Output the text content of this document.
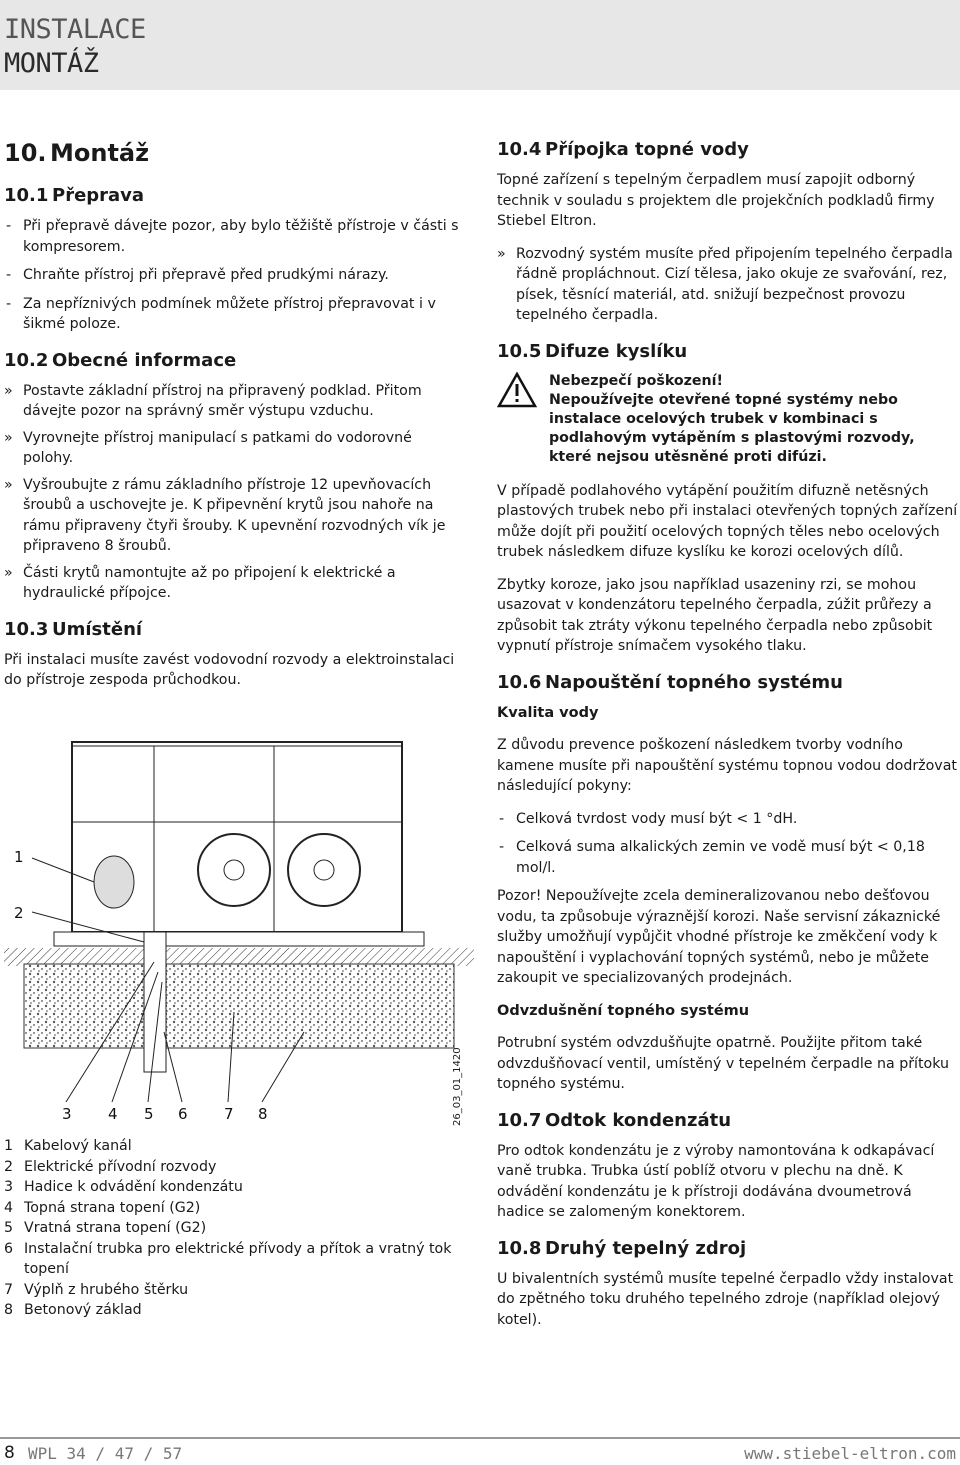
INSTALACE
MONTÁŽ
10. Montáž
10.1 Přeprava
- Při přepravě dávejte pozor, aby bylo těžiště přístroje v části s kompresorem.
- Chraňte přístroj při přepravě před prudkými nárazy.
- Za nepříznivých podmínek můžete přístroj přepravovat i v šikmé poloze.
10.2 Obecné informace
» Postavte základní přístroj na připravený podklad. Přitom dávejte pozor na správný směr výstupu vzduchu.
» Vyrovnejte přístroj manipulací s patkami do vodorovné polohy.
» Vyšroubujte z rámu základního přístroje 12 upevňovacích šroubů a uschovejte je. K připevnění krytů jsou nahoře na rámu připraveny čtyři šrouby. K upevnění rozvodných vík je připraveno 8 šroubů.
» Části krytů namontujte až po připojení k elektrické a hydraulické přípojce.
10.3 Umístění

Při instalaci musíte zavést vodovodní rozvody a elektroinstalaci do přístroje zespoda průchodkou.

1
2
3 4 5 6 7 8	26_03_01_1420
1 Kabelový kanál
2 Elektrické přívodní rozvody
3 Hadice k odvádění kondenzátu
4 Topná strana topení (G2)
5 Vratná strana topení (G2)
6 Instalační trubka pro elektrické přívody a přítok a vratný tok topení
7 Výplň z hrubého štěrku
8 Betonový základ
10.4 Přípojka topné vody

Topné zařízení s tepelným čerpadlem musí zapojit odborný technik v souladu s projektem dle projekčních podkladů firmy Stiebel Eltron.

» Rozvodný systém musíte před připojením tepelného čerpadla řádně propláchnout. Cizí tělesa, jako okuje ze svařování, rez, písek, těsnící materiál, atd. snižují bezpečnost provozu tepelného čerpadla.
10.5 Difuze kyslíku
Nebezpečí poškození!
Nepoužívejte otevřené topné systémy nebo instalace ocelových trubek v kombinaci s podlahovým vytápěním s plastovými rozvody, které nejsou utěsněné proti difúzi.

V případě podlahového vytápění použitím difuzně netěsných plastových trubek nebo při instalaci otevřených topných zařízení může dojít při použití ocelových topných těles nebo ocelových trubek následkem difuze kyslíku ke korozi ocelových dílů.

Zbytky koroze, jako jsou například usazeniny rzi, se mohou usazovat v kondenzátoru tepelného čerpadla, zúžit průřezy a způsobit tak ztráty výkonu tepelného čerpadla nebo způsobit vypnutí přístroje snímačem vysokého tlaku.

10.6 Napouštění topného systému
Kvalita vody

Z důvodu prevence poškození následkem tvorby vodního kamene musíte při napouštění systému topnou vodou dodržovat následující pokyny:

- Celková tvrdost vody musí být < 1 °dH.
- Celková suma alkalických zemin ve vodě musí být < 0,18 mol/l.

Pozor! Nepoužívejte zcela demineralizovanou nebo dešťovou vodu, ta způsobuje výraznější korozi. Naše servisní zákaznické služby umožňují vypůjčit vhodné přístroje ke změkčení vody k napouštění i vyplachování topných systémů, nebo je můžete zakoupit ve specializovaných prodejnách.

Odvzdušnění topného systému

Potrubní systém odvzdušňujte opatrně. Použijte přitom také odvzdušňovací ventil, umístěný v tepelném čerpadle na přítoku topného systému.

10.7 Odtok kondenzátu

Pro odtok kondenzátu je z výroby namontována k odkapávací vaně trubka. Trubka ústí poblíž otvoru v plechu na dně. K odvádění kondenzátu je k přístroji dodávána dvoumetrová hadice se zalomeným konektorem.

10.8 Druhý tepelný zdroj

U bivalentních systémů musíte tepelné čerpadlo vždy instalovat do zpětného toku druhého tepelného zdroje (například olejový kotel).

8 WPL 34 / 47 / 57	www.stiebel-eltron.com
